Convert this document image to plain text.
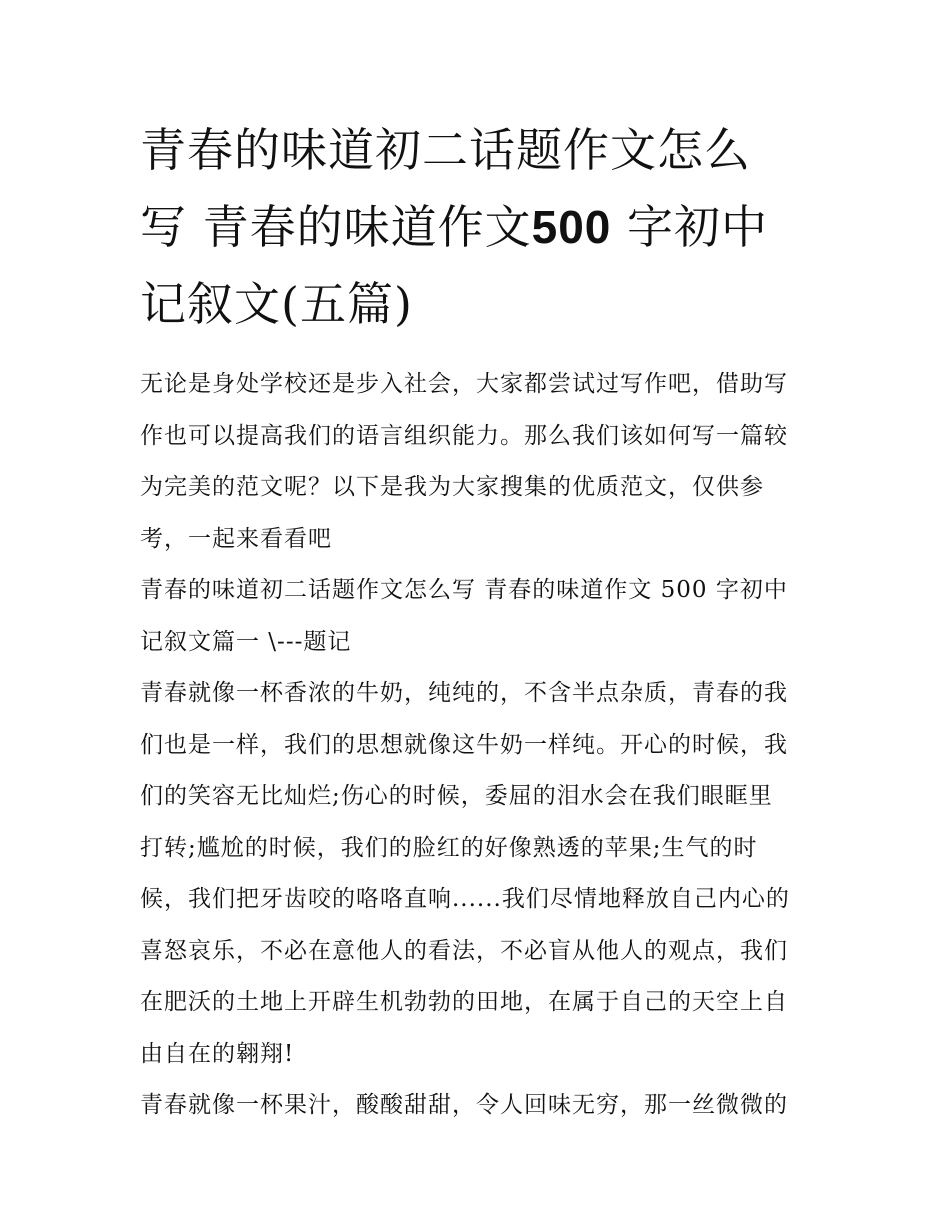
青春的味道初二话题作文怎么
写 青春的味道作文500 字初中
记叙文(五篇)
无论是身处学校还是步入社会，大家都尝试过写作吧，借助写
作也可以提高我们的语言组织能力。那么我们该如何写一篇较
为完美的范文呢？以下是我为大家搜集的优质范文，仅供参
考，一起来看看吧
青春的味道初二话题作文怎么写 青春的味道作文 500 字初中
记叙文篇一 \---题记
青春就像一杯香浓的牛奶，纯纯的，不含半点杂质，青春的我
们也是一样，我们的思想就像这牛奶一样纯。开心的时候，我
们的笑容无比灿烂;伤心的时候，委屈的泪水会在我们眼眶里
打转;尴尬的时候，我们的脸红的好像熟透的苹果;生气的时
候，我们把牙齿咬的咯咯直响......我们尽情地释放自己内心的
喜怒哀乐，不必在意他人的看法，不必盲从他人的观点，我们
在肥沃的土地上开辟生机勃勃的田地，在属于自己的天空上自
由自在的翱翔!
青春就像一杯果汁，酸酸甜甜，令人回味无穷，那一丝微微的
